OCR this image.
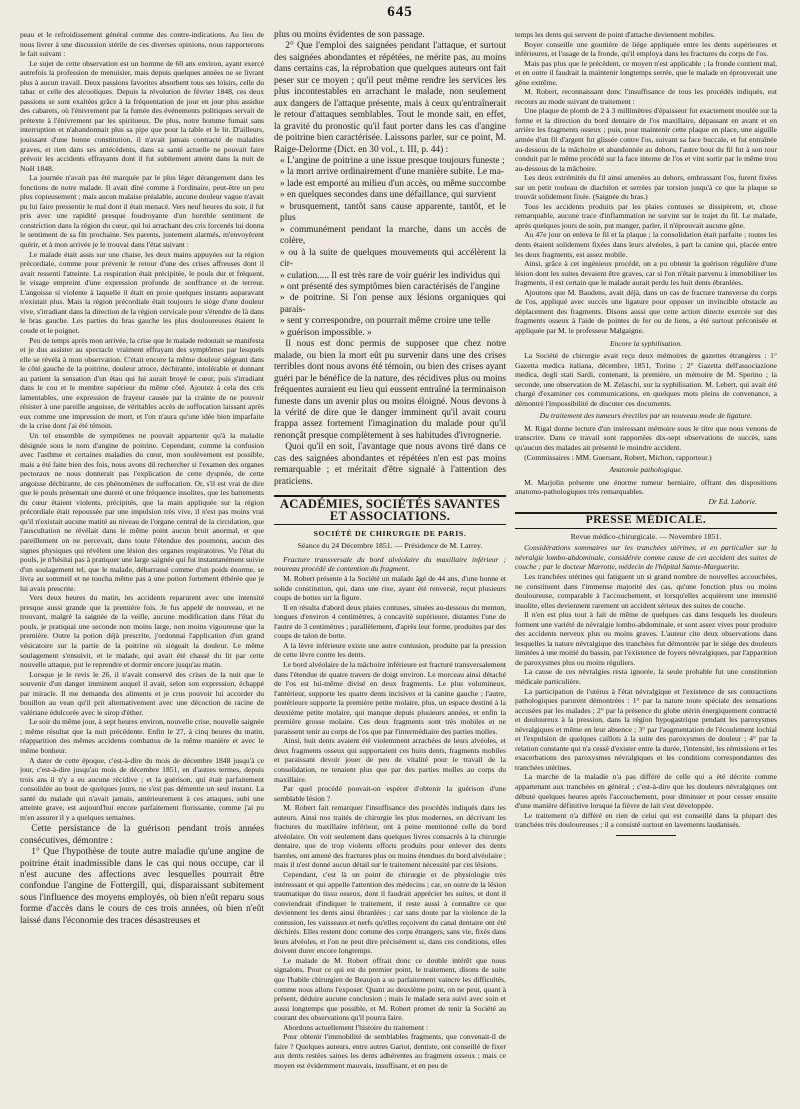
645

peau et le refroidissement général comme des contre-indications. Au lieu de nous livrer à une discussion stérile de ces diverses opinions, nous rapporterons le fait suivant :

Le sujet de cette observation est un homme de 60 ans environ, ayant exercé autrefois la profession de menuisier, mais depuis quelques années ne se livrant plus à aucun travail. Deux passions favorites absorbent tous ses loisirs, celle du tabac et celle des alcooliques. Depuis la révolution de février 1848, ces deux passions se sont exaltées grâce à la fréquentation de jour en jour plus assidue des cabarets, où l'énivrement par la fumée des événements politiques servait de prétexte à l'énivrement par les spiritueux. De plus, notre homme fumait sans interruption et n'abandonnait plus sa pipe que pour la table et le lit. D'ailleurs, jouissant d'une bonne constitution, il n'avait jamais contracté de maladies graves, et rien dans ses antécédents, dans sa santé actuelle ne pouvait faire prévoir les accidents effrayants dont il fut subitement atteint dans la nuit de Noël 1848.

La journée n'avait pas été marquée par le plus léger dérangement dans les fonctions de notre malade. Il avait dîné comme à l'ordinaire, peut-être un peu plus copieusement ; mais aucun malaise préalable, aucune douleur vague n'avait pu lui faire pressentir le mal dont il était menacé. Vers neuf heures du soir, il fut pris avec une rapidité presque foudroyante d'un horrible sentiment de constriction dans la région du cœur, qui lui arrachant des cris forcenés lui donna le sentiment de sa fin prochaine. Ses parents, justement alarmés, m'envoyèrent quérir, et à mon arrivée je le trouvai dans l'état suivant :

Le malade était assis sur une chaise, les deux mains appuyées sur la région précordiale, comme pour prévenir le retour d'une des crises affreuses dont il avait ressenti l'atteinte. La respiration était précipitée, le pouls dur et fréquent, le visage empreint d'une expression profonde de souffrance et de terreur. L'angoisse si violente à laquelle il était en proie quelques instants auparavant n'existait plus. Mais la région précordiale était toujours le siège d'une douleur vive, s'irradiant dans la direction de la région cervicale pour s'étendre de là dans le bras gauche. Les parties du bras gauche les plus douloureuses étaient le coude et le poignet.

Peu de temps après mon arrivée, la crise que le malade redoutait se manifesta et je dus assister au spectacle vraiment effrayant des symptômes par lesquels elle se révéla à mon observation. C'était encore la même douleur siégeant dans le côté gauche de la poitrine, douleur atroce, déchirante, intolérable et donnant au patient la sensation d'un étau qui lui aurait broyé le cœur, puis s'irradiant dans le cou et le membre supérieur du même côté. Ajoutez à cela des cris lamentables, une expression de frayeur causée par la crainte de ne pouvoir résister à une pareille angoisse, de véritables accès de suffocation laissant après eux comme une impression de mort, et l'on n'aura qu'une idée bien imparfaite de la crise dont j'ai été témoin.

Un tel ensemble de symptômes ne pouvait appartenir qu'à la maladie désignée sous le nom d'angine de poitrine. Cependant, comme la confusion avec l'asthme et certaines maladies du cœur, mon soulèvement est possible, mais a été faite bien des fois, nous avons dû rechercher si l'examen des organes pectoraux ne nous donnerait pas l'explication de cette dyspnée, de cette angoisse déchirante, de ces phénomènes de suffocation. Or, s'il est vrai de dire que le pouls présentait une dureté et une fréquence insolites, que les battements du cœur étaient violents, précipités, que la main appliquée sur la région précordiale était repoussée par une impulsion très vive, il n'est pas moins vrai qu'il n'existait aucune matité au niveau de l'organe central de la circulation, que l'auscultation ne révélait dans le même point aucun bruit anormal, et que pareillement on ne percevait, dans toute l'étendue des poumons, aucun des signes physiques qui révèlent une lésion des organes respiratoires. Vu l'état du pouls, je n'hésitai pas à pratiquer une large saignée qui fut instantanément suivie d'un soulagement tel, que le malade, débarrassé comme d'un poids énorme, se livra au sommeil et ne toucha même pas à une potion fortement éthérée que je lui avais prescrite.

Vers deux heures du matin, les accidents reparurent avec une intensité presque aussi grande que la première fois. Je fus appelé de nouveau, et ne trouvant, malgré la saignée de la veille, aucune modification dans l'état du pouls, je pratiquai une seconde non moins large, non moins vigoureuse que la première. Outre la potion déjà prescrite, j'ordonnai l'application d'un grand vésicatoire sur la partie de la poitrine où siégeait la douleur. Le même soulagement s'ensuivit, et le malade, qui avait été chassé du lit par cette nouvelle attaque, put le reprendre et dormir encore jusqu'au matin.

Lorsque je le revis le 26, il n'avait conservé des crises de la nuit que le souvenir d'un danger imminent auquel il avait, selon son expression, échappé par miracle. Il me demanda des aliments et je crus pouvoir lui accorder du bouillon au vean qu'il prit alternativement avec une décoction de racine de valériane édulcorée avec le sirop d'éther.

Le soir du même jour, à sept heures environ, nouvelle crise, nouvelle saignée ; même résultat que la nuit précédente. Enfin le 27, à cinq heures du matin, réapparition des mêmes accidents combattus de la même manière et avec le même bonheur.

A dater de cette époque, c'est-à-dire du mois de décembre 1848 jusqu'à ce jour, c'est-à-dire jusqu'au mois de décembre 1851, en d'autres termes, depuis trois ans il n'y a eu aucune récidive ; et la guérison, qui était parfaitement consolidée au bout de quelques jours, ne s'est pas démentie un seul instant. La santé du malade qui n'avait jamais, antérieurement à ces attaques, subi une atteinte grave, est aujourd'hui encore parfaitement florissante, comme j'ai pu m'en assurer il y a quelques semaines.

Cette persistance de la guérison pendant trois années consécutives, démontre :

1° Que l'hypothèse de toute autre maladie qu'une angine de poitrine était inadmissible dans le cas qui nous occupe, car il n'est aucune des affections avec lesquelles pourrait être confondue l'angine de Fottergill, qui, disparaissant subitement sous l'influence des moyens employés, où bien n'eût reparu sous forme d'accès dans le cours de ces trois années, où bien n'eût laissé dans l'économie des traces désastreuses et

plus ou moins évidentes de son passage.

2° Que l'emploi des saignées pendant l'attaque, et surtout des saignées abondantes et répétées, ne mérite pas, au moins dans certains cas, la réprobation que quelques auteurs ont fait peser sur ce moyen ; qu'il peut même rendre les services les plus incontestables en arrachant le malade, non seulement aux dangers de l'attaque présente, mais à ceux qu'entraînerait le retour d'attaques semblables. Tout le monde sait, en effet, la gravité du pronostic qu'il faut porter dans les cas d'angine de poitrine bien caractérisée. Laissons parler, sur ce point, M. Raige-Delorme (Dict. en 30 vol., t. III, p. 44) :

« L'angine de poitrine a une issue presque toujours funeste ;
» la mort arrive ordinairement d'une manière subite. Le ma-
» lade est emporté au milieu d'un accès, ou même succombe
» en quelques secondes dans une défaillance, qui survient
» brusquement, tantôt sans cause apparente, tantôt, et le plus
» communément pendant la marche, dans un accès de colère,
» ou à la suite de quelques mouvements qui accélèrent la cir-
» culation..... Il est très rare de voir guérir les individus qui
» ont présenté des symptômes bien caractérisés de l'angine
» de poitrine. Si l'on pense aux lésions organiques qui parais-
» sent y correspondre, on pourrait même croire une telle
» guérison impossible. »

Il nous est donc permis de supposer que chez notre malade, ou bien la mort eût pu survenir dans une des crises terribles dont nous avons été témoin, ou bien des crises ayant guéri par le bénéfice de la nature, des récidives plus ou moins fréquentes auraient eu lieu qui eussent entraîné la terminaison funeste dans un avenir plus ou moins éloigné. Nous devons à la vérité de dire que le danger imminent qu'il avait couru frappa assez fortement l'imagination du malade pour qu'il renonçât presque complètement à ses habitudes d'ivrognerie.

Quoi qu'il en soit, l'avantage que nous avons tiré dans ce cas des saignées abondantes et répétées n'en est pas moins remarquable ; et méritait d'être signalé à l'attention des praticiens.

ACADÉMIES, SOCIÉTÉS SAVANTES ET ASSOCIATIONS.
SOCIÉTÉ DE CHIRURGIE DE PARIS.
Séance du 24 Décembre 1851. — Présidence de M. Larrey.

Fracture transversale du bord alvéolaire du maxillaire inférieur ; nouveau procédé de contention du fragment.

M. Robert présente à la Société un malade âgé de 44 ans, d'une bonne et solide constitution, qui, dans une rixe, ayant été renversé, reçut plusieurs coups de bottes sur la figure.

Il en résulta d'abord deux plaies contuses, situées au-dessous du menton, longues d'environ 4 centimètres, à concavité supérieure, distantes l'une de l'autre de 3 centimètres ; parallèlement, d'après leur forme, produites par des coups de talon de botte.

A la lèvre inférieure existe une autre contusion, produite par la pression de cette lèvre contre les dents.

Le bord alvéolaire de la mâchoire inférieure est fracturé transversalement dans l'étendue de quatre travers de doigt environ. Le morceau ainsi détaché de l'os est lui-même divisé en deux fragments. Le plus volumineux, l'antérieur, supporte les quatre dents incisives et la canine gauche ; l'autre, postérieure supporte la première petite molaire, plus, un espace destiné à la deuxième petite molaire, qui manque depuis plusieurs années, et enfin la première grosse molaire. Ces deux fragments sont très mobiles et ne paraissent tenir au corps de l'os que par l'intermédiaire des parties molles.

Ainsi, huit dents avaient été violemment arrachées de leurs alvéoles, et deux fragments osseux qui supportaient ces huits dents, fragments mobiles et paraissant devoir jouer de peu de vitalité pour le travail de la consolidation, ne tenaient plus que par des parties molles au corps du maxillaire.

Par quel procédé pouvait-on espérer d'obtenir la guérison d'une semblable lésion ?

M. Robert fait remarquer l'insuffisance des procédés indiqués dans les auteurs. Ainsi nos traités de chirurgie les plus modernes, en décrivant les fractures du maxillaire inférieur, ont à peine mentionné celle du bord alvéolaire. On voit seulement dans quelques livres consacrés à la chirurgie dentaire, que de trop violents efforts produits pour enlever des dents barrées, ont amené des fractures plus ou moins étendues du bord alvéolaire ; mais il n'est donné aucun détail sur le traitement nécessité par ces lésions.

Cependant, c'est là un point de chirurgie et de physiologie très intéressant et qui appelle l'attention des médecins ; car, en outre de la lésion traumatique du tissu osseux, dont il faudrait apprécier les suites, et dont il conviendrait d'indiquer le traitement, il reste aussi à connaître ce que deviennent les dents ainsi ébranlées ; car sans doute par la violence de la contusion, les vaisseaux et nerfs qu'elles reçoivent du canal dentaire ont été déchirés. Elles restent donc comme des corps étrangers, sans vie, fixés dans leurs alvéoles, et l'on ne peut dire précisément si, dans ces conditions, elles doivent durer encore longtemps.

Le malade de M. Robert offrait donc ce double intérêt que nous signalons. Pour ce qui est du premier point, le traitement, disons de suite que l'habile chirurgien de Beaujon a su parfaitement vaincre les difficultés, comme nous allons l'exposer. Quant au deuxième point, on ne peut, quant à présent, déduire aucune conclusion ; mais le malade sera suivi avec soin et aussi longtemps que possible, et M. Robert promet de tenir la Société au courant des observations qu'il pourra faire.

Abordons actuellement l'histoire du traitement :

Pour obtenir l'immobilité de semblables fragments, que convenait-il de faire ? Quelques auteurs, entre autres Gariot, dentiste, ont conseillé de fixer aux dents restées saines les dents adhérentes au fragment osseux ; mais ce moyen est évidemment mauvais, insuffisant, et en peu de

temps les dents qui servent de point d'attache deviennent mobiles.

Boyer conseille une gouttière de liége appliquée entre les dents supérieures et inférieures, et l'usage de la fronde, qu'il employa dans les fractures du corps de l'os.

Mais pas plus que le précédent, ce moyen n'est applicable ; la fronde contient mal, et en outre il faudrait la maintenir longtemps serrée, que le malade en éprouverait une gêne extrême.

M. Robert, reconnaissant donc l'insuffisance de tous les procédés indiqués, eut recours au mode suivant de traitement :

Une plaque de plomb de 2 à 3 millimètres d'épaisseur fut exactement moulée sur la forme et la direction du bord dentaire de l'os maxillaire, dépassant en avant et en arrière les fragments osseux ; puis, pour maintenir cette plaque en place, une aiguille armée d'un fil d'argent fut glissée contre l'os, suivant sa face buccale, et fut entraînée au-dessous de la mâchoire et abandonnée au dehors, l'autre bout du fil fut à son tour conduit par le même procédé sur la face interne de l'os et vint sortir par le même trou au-dessous de la mâchoire.

Les deux extrémités du fil ainsi amenées au dehors, embrassant l'os, furent fixées sur un petit rouleau de diachilon et serrées par torsion jusqu'à ce que la plaque se trouvât solidement fixée. (Saignée du bras.)

Tous les accidents produits par les plaies contuses se dissipèrent, et, chose remarquable, aucune trace d'inflammation ne survint sur le trajet du fil. Le malade, après quelques jours de soin, put manger, parler, il n'éprouvait aucune gêne.

Au 47e jour on enleva le fil et la plaque ; la consolidation était parfaite ; toutes les dents étaient solidement fixées dans leurs alvéoles, à part la canine qui, placée entre les deux fragments, est assez mobile.

Ainsi, grâce à cet ingénieux procédé, on a pu obtenir la guérison régulière d'une lésion dont les suites devaient être graves, car si l'on n'était parvenu à immobiliser les fragments, il est certain que le malade aurait perdu les huit dents ébranlées.

Ajoutons que M. Baudens, avait déjà, dans un cas de fracture transverse du corps de l'os, appliqué avec succès une ligature pour opposer un invincible obstacle au déplacement des fragments. Disons aussi que cette action directe exercée sur des fragments osseux à l'aide de pointes de fer ou de liens, a été surtout préconisée et appliquée par M. le professeur Malgaigne.

Encore la syphilisation.

La Société de chirurgie avait reçu deux mémoires de gazettes étrangères : 1° Gazetta medica italiana, décembre, 1851, Torino ; 2° Gazetta dell'associazione medica, degli stati Sardi, contenant, la première, un mémoire de M. Sperino ; la seconde, une observation de M. Zelaschi, sur la syphilisation. M. Lebert, qui avait été chargé d'examiner ces communications, en quelques mots pleins de convenance, a démontré l'impossibilité de discuter ces documents.

Du traitement des tumeurs érectiles par un nouveau mode de ligature.

M. Rigal donne lecture d'un intéressant mémoire sous le titre que nous venons de transcrire. Dans ce travail sont rapportées dix-sept observations de succès, sans qu'aucun des malades ait présenté le moindre accident.

(Commissaires : MM. Guersant, Robert, Michon, rapporteur.)

Anatomie pathologique.

M. Marjolin présente une énorme tumeur herniaire, offrant des dispositions anatomo-pathologiques très remarquables.

Dr Ed. Laborie.
PRESSE MÉDICALE.
Revue médico-chirurgicale. — Novembre 1851.

Considérations sommaires sur les tranchées utérines, et en particulier sur la névralgie lombo-abdominale, considérée comme cause de cet accident des suites de couche ; par le docteur Marrotte, médecin de l'hôpital Sainte-Marguerite.

Les tranchées utérines qui fatiguent un si grand nombre de nouvelles accouchées, ne constituent dans l'immense majorité des cas, qu'une fonction plus ou moins douloureuse, comparable à l'accouchement, et lorsqu'elles acquièrent une intensité insolite, elles deviennent rarement un accident sérieux des suites de couche.

Il n'en est plus tout à fait de même de quelques cas dans lesquels les douleurs forment une variété de névralgie lombo-abdominale, et sont assez vives pour produire des accidents nerveux plus ou moins graves. L'auteur cite deux observations dans lesquelles la nature névralgique des tranchées fut démontrée par le siége des douleurs limitées à une moitié du bassin, par l'existence de foyers névralgiques, par l'apparition de paroxysmes plus ou moins réguliers.

La cause de ces névralgies resta ignorée, la seule probable fut une constitution médicale particulière.

La participation de l'utérus à l'état névralgique et l'existence de ses contractions pathologiques parurent démontrées : 1° par la nature toute spéciale des sensations accusées par les malades ; 2° par la présence du globe utérin énergiquement contracté et douloureux à la pression, dans la région hypogastrique pendant les paroxysmes névralgiques et même en leur absence ; 3° par l'augmentation de l'écoulement lochial et l'expulsion de quelques caillots à la suite des paroxysmes de douleur ; 4° par la relation constante qui n'a cessé d'exister entre la durée, l'intensité, les rémissions et les exacerbations des paroxysmes névralgiques et les conditions correspondantes des tranchées utérines.

La marche de la maladie n'a pas différé de celle qui a été décrite comme appartenant aux tranchées en général ; c'est-à-dire que les douleurs névralgiques ont débuté quelques heures après l'accouchement, pour diminuer et pour cesser ensuite d'une manière définitive lorsque la fièvre de lait s'est développée.

Le traitement n'a différé en rien de celui qui est conseillé dans la plupart des tranchées très douloureuses ; il a consisté surtout en lavements laudanisés.
